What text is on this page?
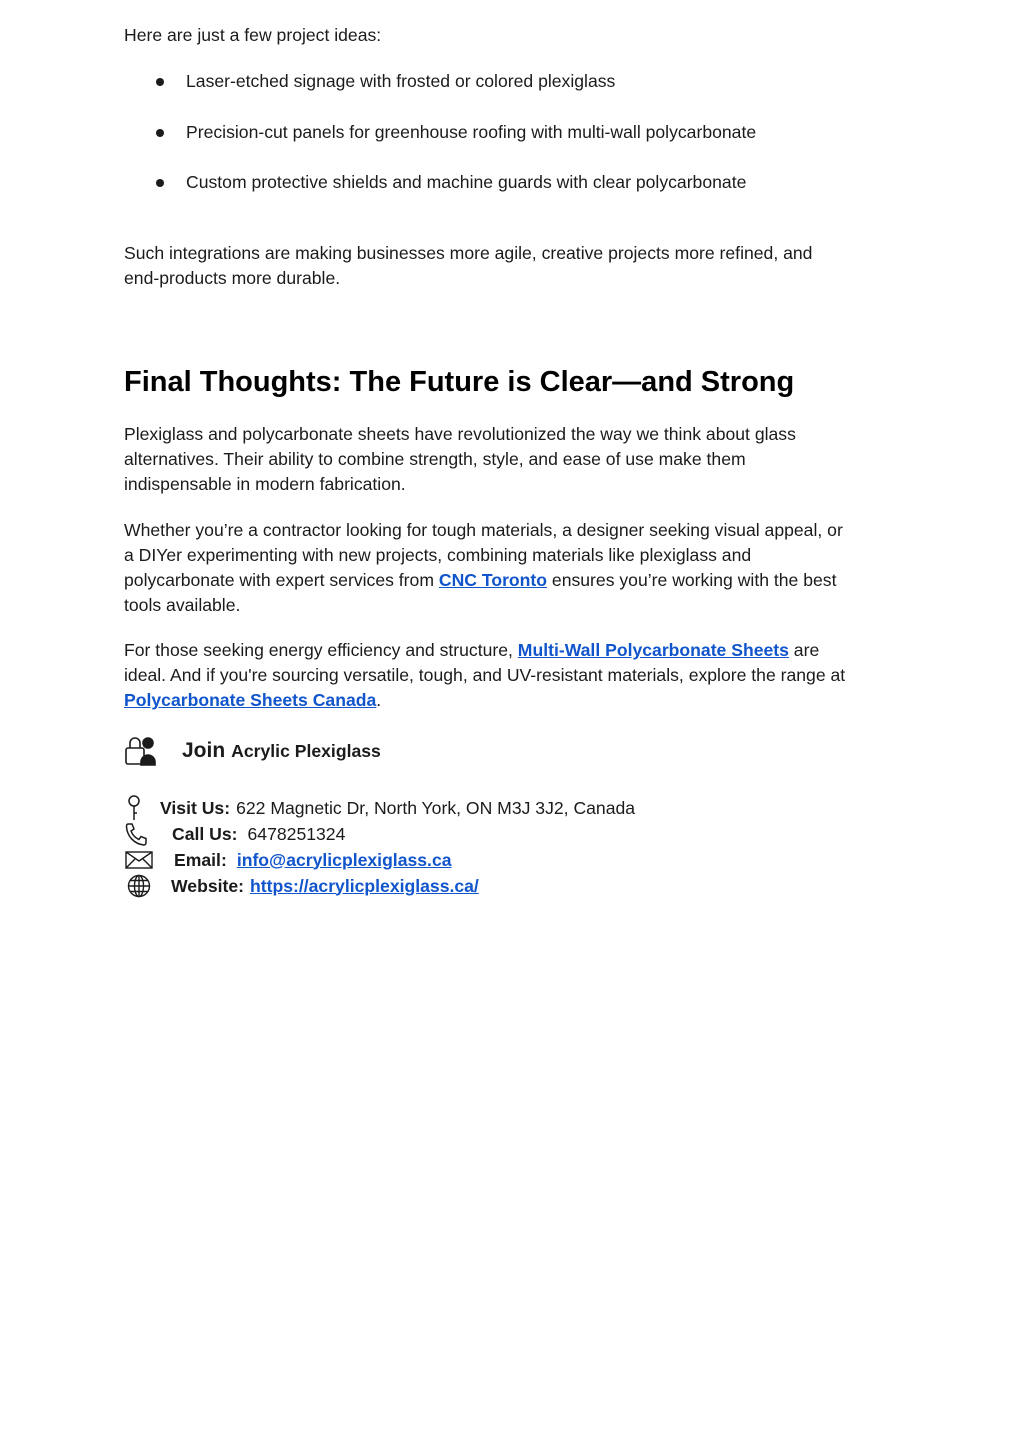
Here are just a few project ideas:

Laser-etched signage with frosted or colored plexiglass
Precision-cut panels for greenhouse roofing with multi-wall polycarbonate
Custom protective shields and machine guards with clear polycarbonate

Such integrations are making businesses more agile, creative projects more refined, and
end-products more durable.

Final Thoughts: The Future is Clear—and Strong

Plexiglass and polycarbonate sheets have revolutionized the way we think about glass
alternatives. Their ability to combine strength, style, and ease of use make them
indispensable in modern fabrication.

Whether you’re a contractor looking for tough materials, a designer seeking visual appeal, or
a DIYer experimenting with new projects, combining materials like plexiglass and
polycarbonate with expert services from CNC Toronto ensures you’re working with the best
tools available.

For those seeking energy efficiency and structure, Multi-Wall Polycarbonate Sheets are
ideal. And if you're sourcing versatile, tough, and UV-resistant materials, explore the range at
Polycarbonate Sheets Canada.

Join Acrylic Plexiglass
Visit Us: 622 Magnetic Dr, North York, ON M3J 3J2, Canada
Call Us: 6478251324
Email: info@acrylicplexiglass.ca
Website: https://acrylicplexiglass.ca/
